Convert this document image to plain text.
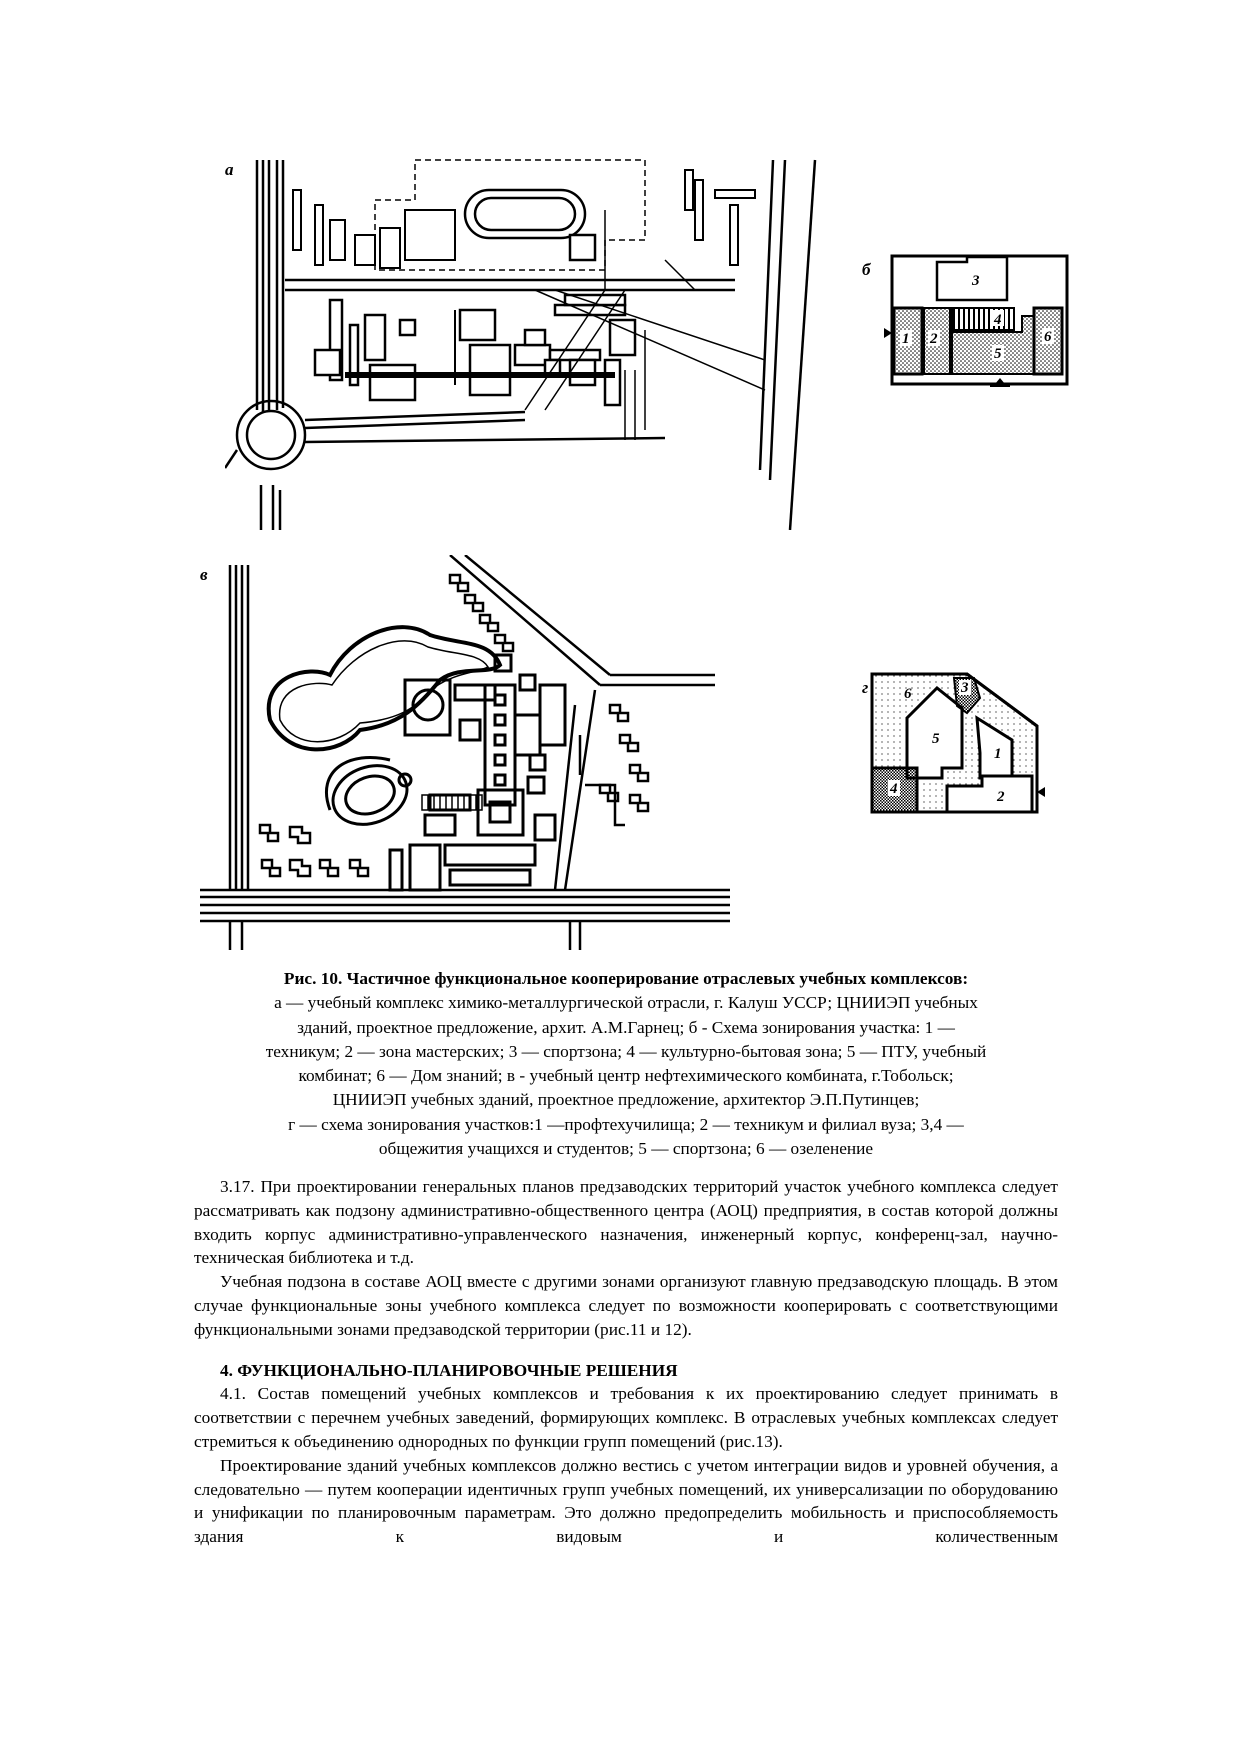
а
б
1 2
3
4
5
6
в
г 6	3
5
1
4	2
Рис. 10. Частичное функциональное кооперирование отраслевых учебных комплексов:
а — учебный комплекс химико-металлургической отрасли, г. Калуш УССР; ЦНИИЭП учебных
зданий, проектное предложение, архит. А.М.Гарнец; б - Схема зонирования участка: 1 —
техникум; 2 — зона мастерских; 3 — спортзона; 4 — культурно-бытовая зона; 5 — ПТУ, учебный
комбинат; 6 — Дом знаний; в - учебный центр нефтехимического комбината, г.Тобольск;
ЦНИИЭП учебных зданий, проектное предложение, архитектор Э.П.Путинцев;
г — схема зонирования участков:1 —профтехучилища; 2 — техникум и филиал вуза; 3,4 —
общежития учащихся и студентов; 5 — спортзона; 6 — озеленение

3.17. При проектировании генеральных планов предзаводских территорий участок учебного комплекса следует рассматривать как подзону административно-общественного центра (АОЦ) предприятия, в состав которой должны входить корпус административно-управленческого назначения, инженерный корпус, конференц-зал, научно-техническая библиотека и т.д.

Учебная подзона в составе АОЦ вместе с другими зонами организуют главную предзаводскую площадь. В этом случае функциональные зоны учебного комплекса следует по возможности кооперировать с соответствующими функциональными зонами предзаводской территории (рис.11 и 12).

4. ФУНКЦИОНАЛЬНО-ПЛАНИРОВОЧНЫЕ РЕШЕНИЯ

4.1. Состав помещений учебных комплексов и требования к их проектированию следует принимать в соответствии с перечнем учебных заведений, формирующих комплекс. В отраслевых учебных комплексах следует стремиться к объединению однородных по функции групп помещений (рис.13).

Проектирование зданий учебных комплексов должно вестись с учетом интеграции видов и уровней обучения, а следовательно — путем кооперации идентичных групп учебных помещений, их универсализации по оборудованию и унификации по планировочным параметрам. Это должно предопределить мобильность и приспособляемость здания к видовым и количественным
